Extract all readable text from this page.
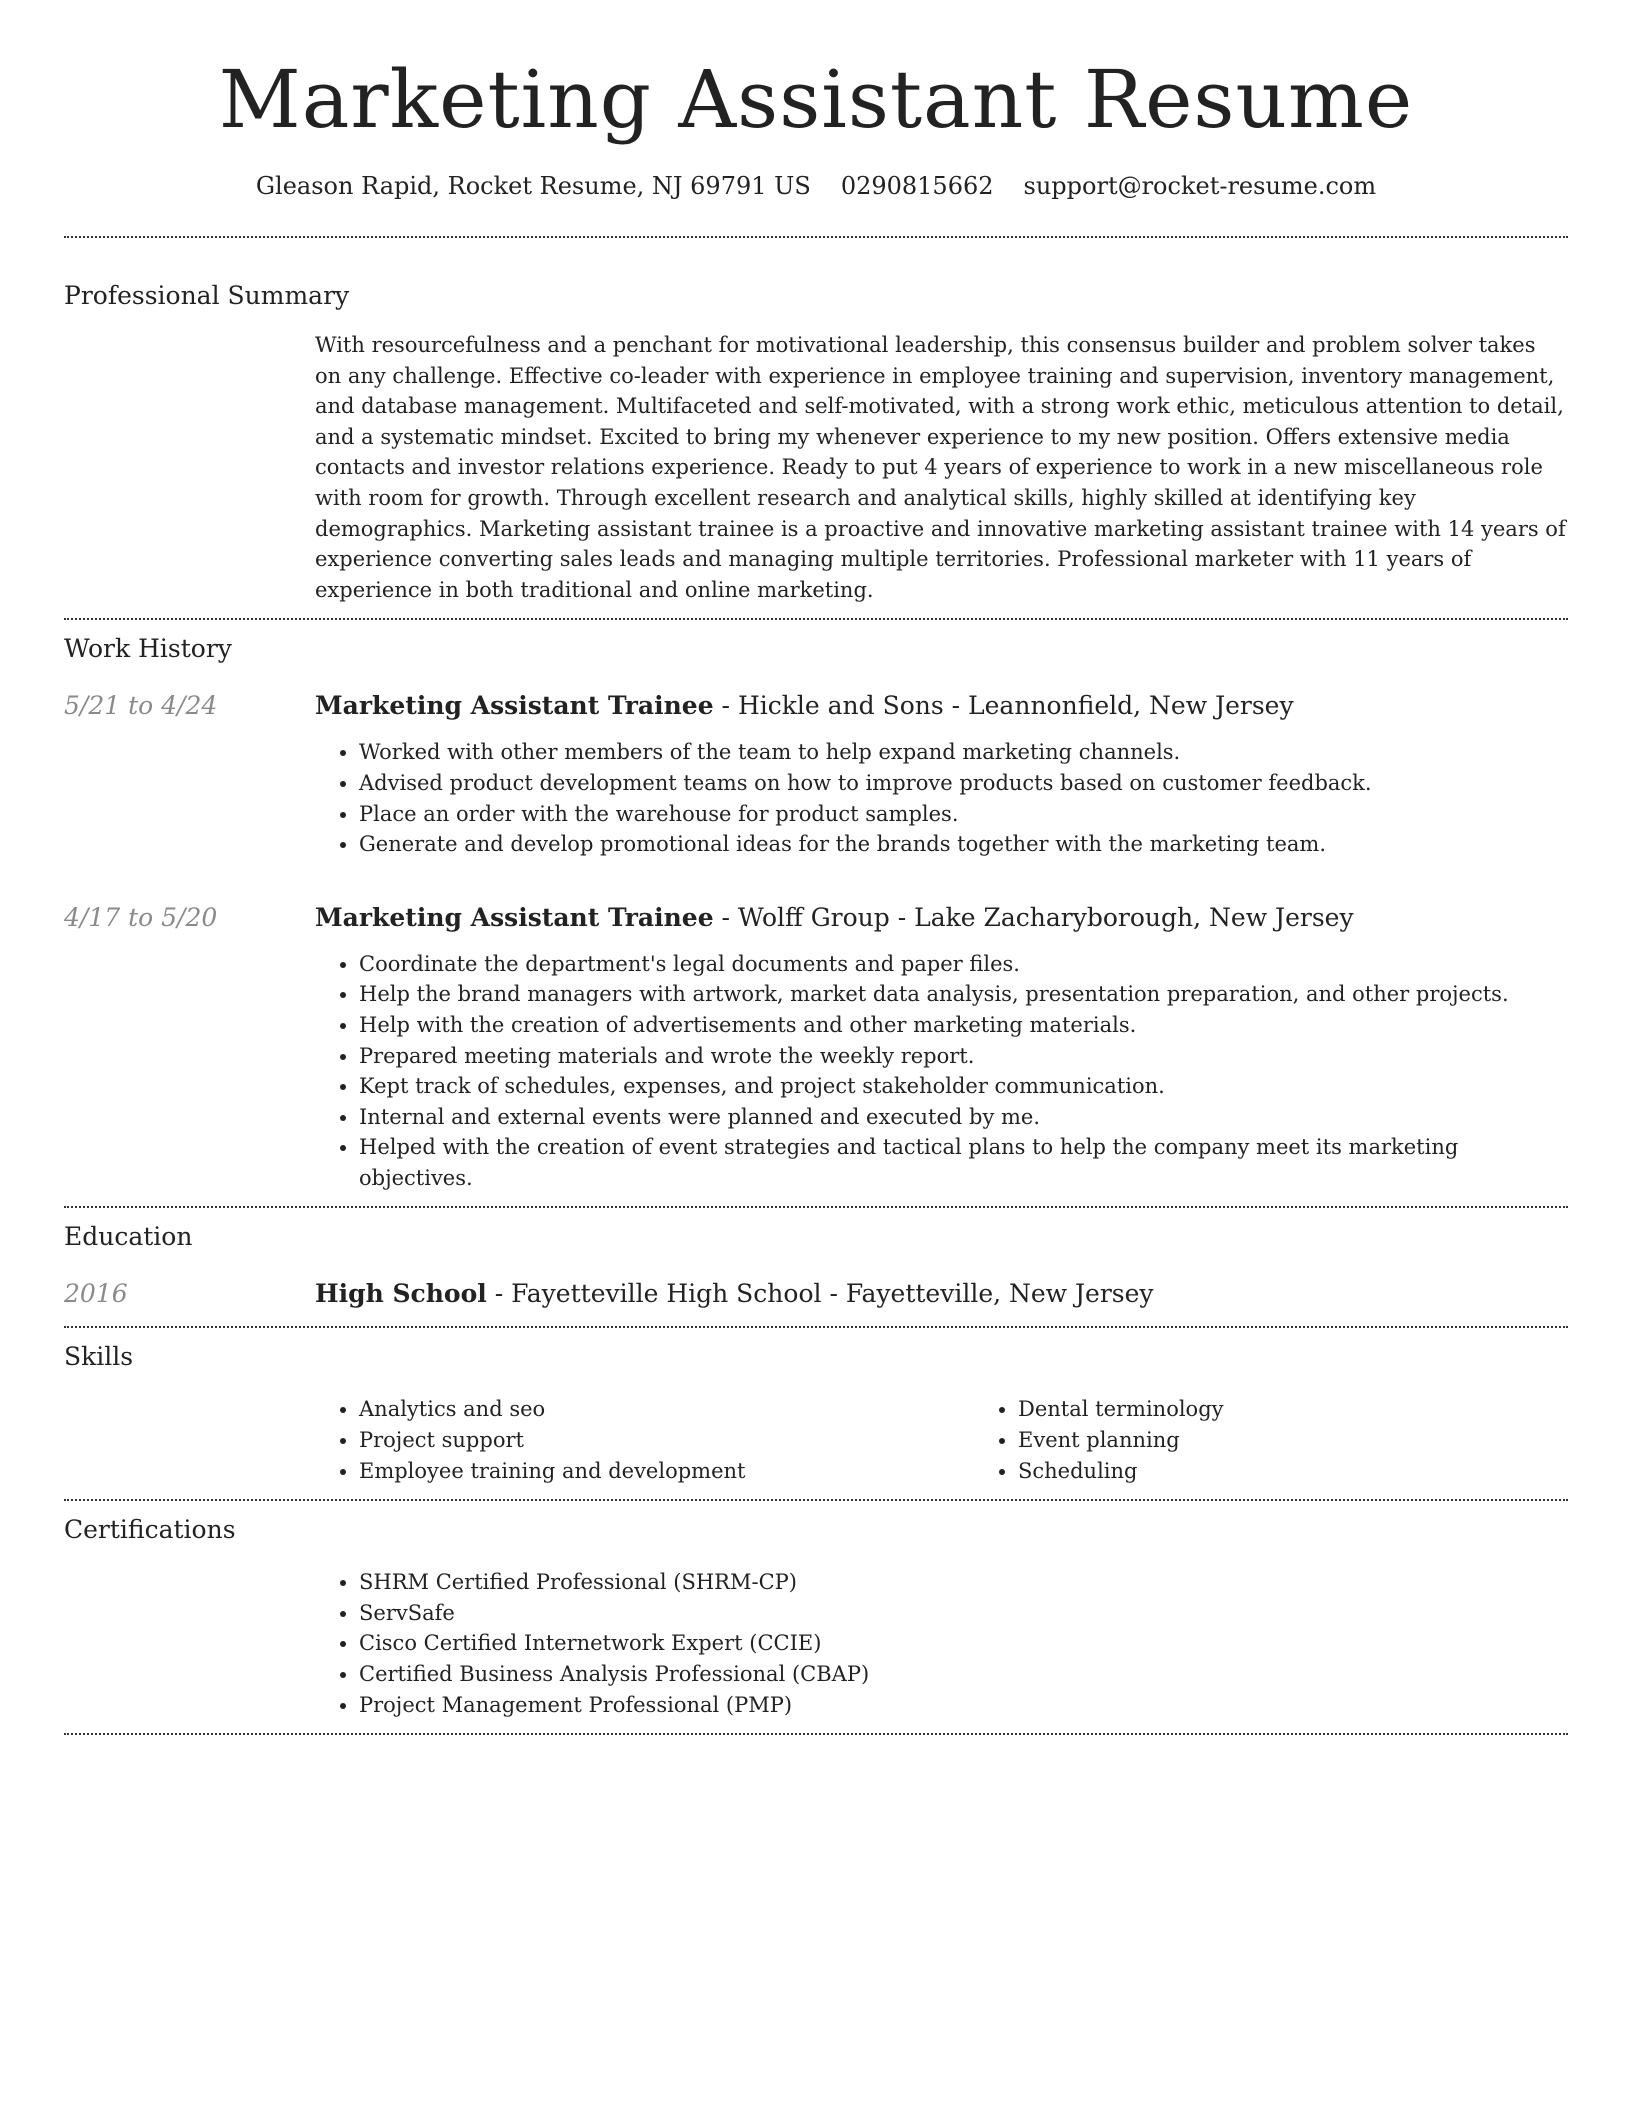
Marketing Assistant Resume
Gleason Rapid, Rocket Resume, NJ 69791 US 0290815662 support@rocket-resume.com
Professional Summary

With resourcefulness and a penchant for motivational leadership, this consensus builder and problem solver takes on any challenge. Effective co-leader with experience in employee training and supervision, inventory management, and database management. Multifaceted and self-motivated, with a strong work ethic, meticulous attention to detail, and a systematic mindset. Excited to bring my whenever experience to my new position. Offers extensive media contacts and investor relations experience. Ready to put 4 years of experience to work in a new miscellaneous role with room for growth. Through excellent research and analytical skills, highly skilled at identifying key demographics. Marketing assistant trainee is a proactive and innovative marketing assistant trainee with 14 years of experience converting sales leads and managing multiple territories. Professional marketer with 11 years of experience in both traditional and online marketing.

Work History
5/21 to 4/24	Marketing Assistant Trainee - Hickle and Sons - Leannonfield, New Jersey
• Worked with other members of the team to help expand marketing channels.
• Advised product development teams on how to improve products based on customer feedback.
• Place an order with the warehouse for product samples.
• Generate and develop promotional ideas for the brands together with the marketing team.
4/17 to 5/20	Marketing Assistant Trainee - Wolff Group - Lake Zacharyborough, New Jersey
• Coordinate the department's legal documents and paper files.
• Help the brand managers with artwork, market data analysis, presentation preparation, and other projects.
• Help with the creation of advertisements and other marketing materials.
• Prepared meeting materials and wrote the weekly report.
• Kept track of schedules, expenses, and project stakeholder communication.
• Internal and external events were planned and executed by me.
• Helped with the creation of event strategies and tactical plans to help the company meet its marketing objectives.
Education
2016	High School - Fayetteville High School - Fayetteville, New Jersey
Skills
• Analytics and seo
• Project support
• Employee training and development
• Dental terminology
• Event planning
• Scheduling
Certifications
• SHRM Certified Professional (SHRM-CP)
• ServSafe
• Cisco Certified Internetwork Expert (CCIE)
• Certified Business Analysis Professional (CBAP)
• Project Management Professional (PMP)
